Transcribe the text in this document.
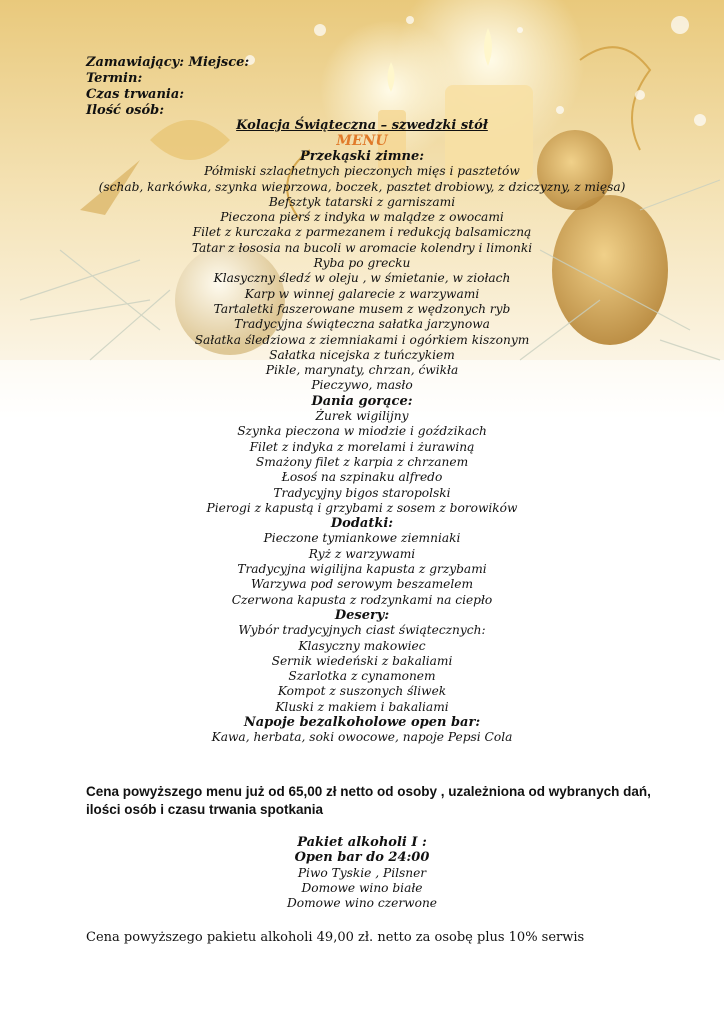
Zamawiający: Miejsce:
Termin:
Czas trwania:
Ilość osób:
Kolacja Świąteczna – szwedzki stół
MENU
Przekąski zimne:
Półmiski szlachetnych pieczonych mięs i pasztetów
(schab, karkówka, szynka wieprzowa, boczek, pasztet drobiowy, z dziczyzny, z mięsa)
Befsztyk tatarski z garniszami
Pieczona pierś z indyka w malądze z owocami
Filet z kurczaka z parmezanem i redukcją balsamiczną
Tatar z łososia na bucoli w aromacie kolendry i limonki
Ryba po grecku
Klasyczny śledź w oleju , w śmietanie, w ziołach
Karp w winnej galarecie z warzywami
Tartaletki faszerowane musem z wędzonych ryb
Tradycyjna świąteczna sałatka jarzynowa
Sałatka śledziowa z ziemniakami i ogórkiem kiszonym
Sałatka nicejska z tuńczykiem
Pikle, marynaty, chrzan, ćwikła
Pieczywo, masło
Dania gorące:
Żurek wigilijny
Szynka pieczona w miodzie i goździkach
Filet z indyka z morelami i żurawiną
Smażony filet z karpia z chrzanem
Łosoś na szpinaku alfredo
Tradycyjny bigos staropolski
Pierogi z kapustą i grzybami z sosem z borowików
Dodatki:
Pieczone tymiankowe ziemniaki
Ryż z warzywami
Tradycyjna wigilijna kapusta z grzybami
Warzywa pod serowym beszamelem
Czerwona kapusta z rodzynkami na ciepło
Desery:
Wybór tradycyjnych ciast świątecznych:
Klasyczny makowiec
Sernik wiedeński z bakaliami
Szarlotka z cynamonem
Kompot z suszonych śliwek
Kluski z makiem i bakaliami
Napoje bezalkoholowe open bar:
Kawa, herbata, soki owocowe, napoje Pepsi Cola
Cena powyższego menu już od 65,00 zł netto od osoby , uzależniona od wybranych dań, ilości osób i czasu trwania spotkania
Pakiet alkoholi I :
Open bar do 24:00
Piwo Tyskie , Pilsner
Domowe wino białe
Domowe wino czerwone
Cena powyższego pakietu alkoholi 49,00 zł. netto za osobę plus 10% serwis
